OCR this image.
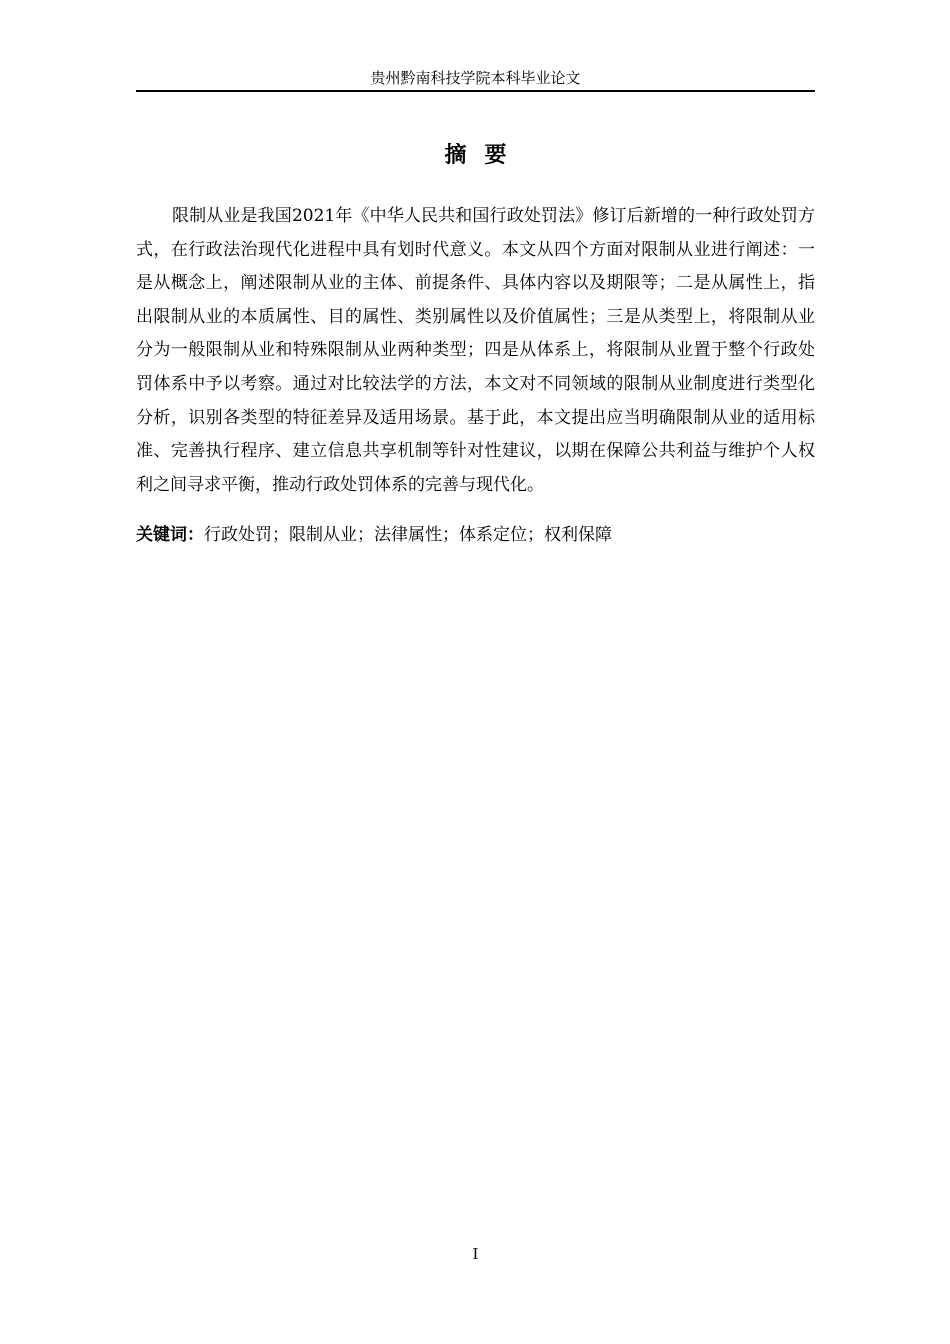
贵州黔南科技学院本科毕业论文
摘要

限制从业是我国2021年《中华人民共和国行政处罚法》修订后新增的一种行政处罚方式，在行政法治现代化进程中具有划时代意义。本文从四个方面对限制从业进行阐述：一是从概念上，阐述限制从业的主体、前提条件、具体内容以及期限等；二是从属性上，指出限制从业的本质属性、目的属性、类别属性以及价值属性；三是从类型上，将限制从业分为一般限制从业和特殊限制从业两种类型；四是从体系上，将限制从业置于整个行政处罚体系中予以考察。通过对比较法学的方法，本文对不同领域的限制从业制度进行类型化分析，识别各类型的特征差异及适用场景。基于此，本文提出应当明确限制从业的适用标准、完善执行程序、建立信息共享机制等针对性建议，以期在保障公共利益与维护个人权利之间寻求平衡，推动行政处罚体系的完善与现代化。

关键词：行政处罚；限制从业；法律属性；体系定位；权利保障

I
